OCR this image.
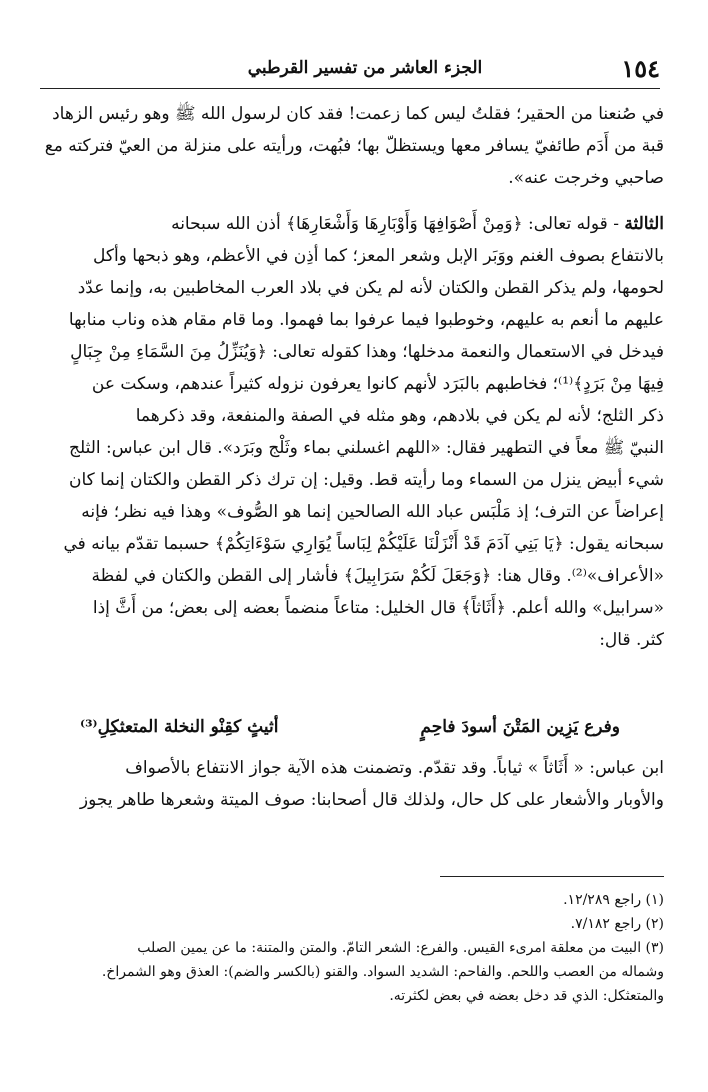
١٥٤
الجزء العاشر من تفسير القرطبي
في صُنعنا من الحقير؛ فقلتُ ليس كما زعمت! فقد كان لرسول الله ﷺ وهو رئيس الزهاد
قبة من أَدَم طائفيّ يسافر معها ويستظلّ بها؛ فبُهت، ورأيته على منزلة من العيّ فتركته مع
صاحبي وخرجت عنه».
الثالثة - قوله تعالى: ﴿وَمِنْ أَصْوَافِهَا وَأَوْبَارِهَا وَأَشْعَارِهَا﴾ أذن الله سبحانه
بالانتفاع بصوف الغنم ووَبَر الإبل وشعر المعز؛ كما أذِن في الأعظم، وهو ذبحها وأكل
لحومها، ولم يذكر القطن والكتان لأنه لم يكن في بلاد العرب المخاطبين به، وإنما عدّد
عليهم ما أنعم به عليهم، وخوطبوا فيما عرفوا بما فهموا. وما قام مقام هذه وناب منابها
فيدخل في الاستعمال والنعمة مدخلها؛ وهذا كقوله تعالى: ﴿وَيُنَزِّلُ مِنَ السَّمَاءِ مِنْ جِبَالٍ
فِيهَا مِنْ بَرَدٍ﴾⁽¹⁾؛ فخاطبهم بالبَرَد لأنهم كانوا يعرفون نزوله كثيراً عندهم، وسكت عن
ذكر الثلج؛ لأنه لم يكن في بلادهم، وهو مثله في الصفة والمنفعة، وقد ذكرهما
النبيّ ﷺ معاً في التطهير فقال: «اللهم اغسلني بماء وثَلْج وبَرَد». قال ابن عباس: الثلج
شيء أبيض ينزل من السماء وما رأيته قط. وقيل: إن ترك ذكر القطن والكتان إنما كان
إعراضاً عن الترف؛ إذ مَلْبَس عباد الله الصالحين إنما هو الصُّوف» وهذا فيه نظر؛ فإنه
سبحانه يقول: ﴿يَا بَنِي آدَمَ قَدْ أَنْزَلْنَا عَلَيْكُمْ لِبَاساً يُوَارِي سَوْءَاتِكُمْ﴾ حسبما تقدّم بيانه في
«الأعراف»⁽²⁾. وقال هنا: ﴿وَجَعَلَ لَكُمْ سَرَابِيلَ﴾ فأشار إلى القطن والكتان في لفظة
«سرابيل» والله أعلم. ﴿أَثَاثاً﴾ قال الخليل: متاعاً منضماً بعضه إلى بعض؛ من أَثَّ إذا
كثر. قال:
وفرع يَزِين المَتْنَ أسودَ فاحِمٍ
أثيثٍ كقِنْو النخلة المتعثكِلِ⁽³⁾
ابن عباس: « أَثَاثاً » ثياباً. وقد تقدّم. وتضمنت هذه الآية جواز الانتفاع بالأصواف
والأوبار والأشعار على كل حال، ولذلك قال أصحابنا: صوف الميتة وشعرها طاهر يجوز
(١) راجع ١٢/٢٨٩.
(٢) راجع ٧/١٨٢.
(٣) البيت من معلقة امرىء القيس. والفرع: الشعر التامّ. والمتن والمتنة: ما عن يمين الصلب
وشماله من العصب واللحم. والفاحم: الشديد السواد. والقنو (بالكسر والضم): العذق وهو الشمراخ.
والمتعثكل: الذي قد دخل بعضه في بعض لكثرته.
